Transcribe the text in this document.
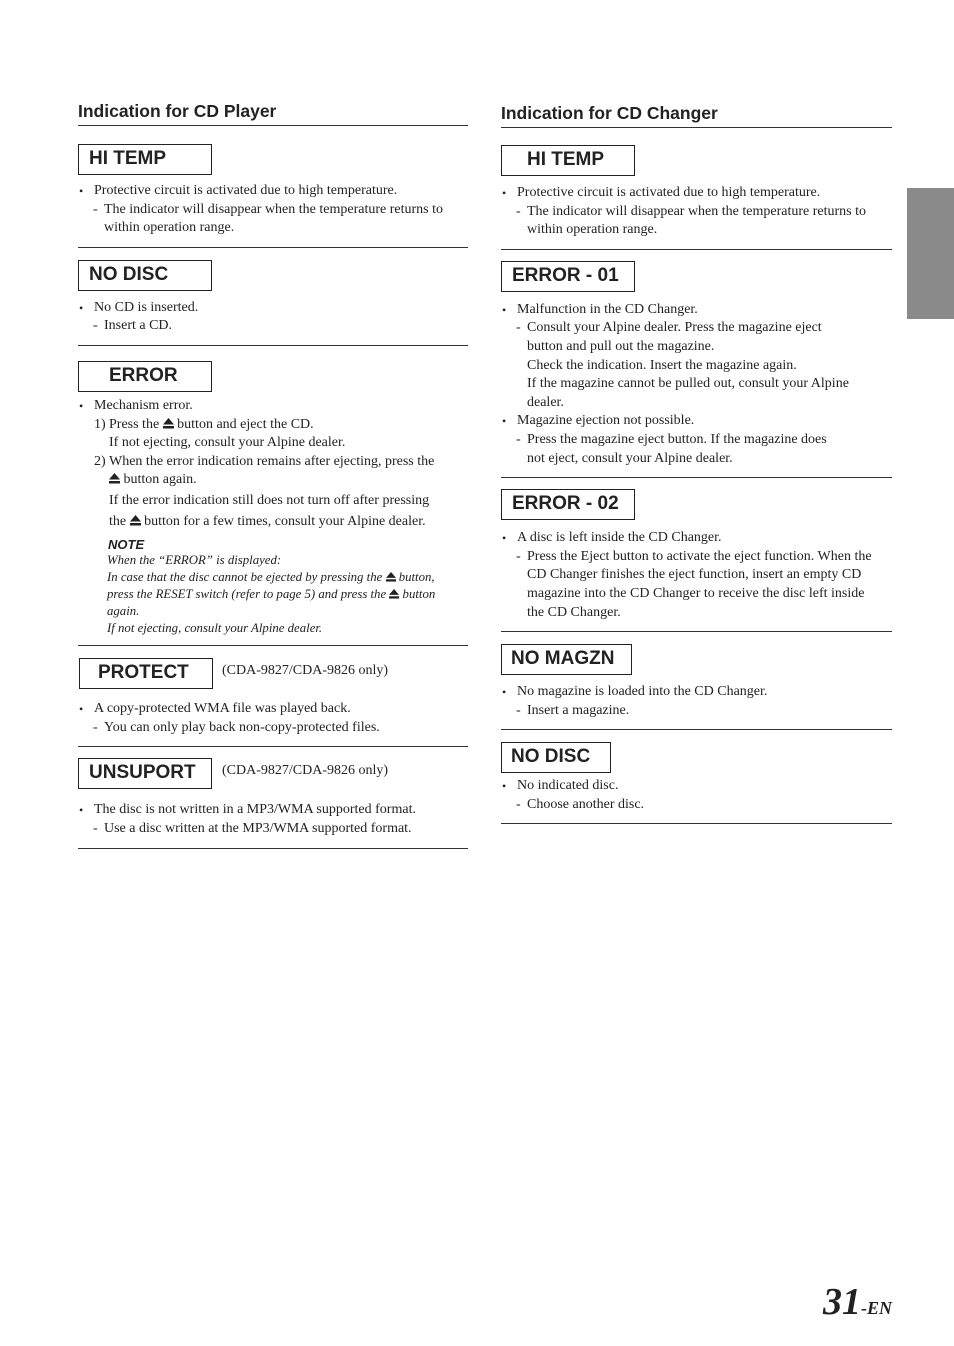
Indication for CD Player
HI TEMP
• Protective circuit is activated due to high temperature.
- The indicator will disappear when the temperature returns to
within operation range.
NO DISC
• No CD is inserted.
- Insert a CD.
ERROR
• Mechanism error.
1) Press the button and eject the CD.
If not ejecting, consult your Alpine dealer.
2) When the error indication remains after ejecting, press the
button again.
If the error indication still does not turn off after pressing
the button for a few times, consult your Alpine dealer.
NOTE
When the “ERROR” is displayed:
In case that the disc cannot be ejected by pressing the button,
press the RESET switch (refer to page 5) and press the button
again.
If not ejecting, consult your Alpine dealer.
PROTECT (CDA-9827/CDA-9826 only)
• A copy-protected WMA file was played back.
- You can only play back non-copy-protected files.
UNSUPORT (CDA-9827/CDA-9826 only)
• The disc is not written in a MP3/WMA supported format.
- Use a disc written at the MP3/WMA supported format.
Indication for CD Changer
HI TEMP
• Protective circuit is activated due to high temperature.
- The indicator will disappear when the temperature returns to
within operation range.
ERROR - 01
• Malfunction in the CD Changer.
- Consult your Alpine dealer. Press the magazine eject
button and pull out the magazine.
Check the indication. Insert the magazine again.
If the magazine cannot be pulled out, consult your Alpine
dealer.
• Magazine ejection not possible.
- Press the magazine eject button. If the magazine does
not eject, consult your Alpine dealer.
ERROR - 02
• A disc is left inside the CD Changer.
- Press the Eject button to activate the eject function. When the
CD Changer finishes the eject function, insert an empty CD
magazine into the CD Changer to receive the disc left inside
the CD Changer.
NO MAGZN
• No magazine is loaded into the CD Changer.
- Insert a magazine.
NO DISC
• No indicated disc.
- Choose another disc.
31-EN
